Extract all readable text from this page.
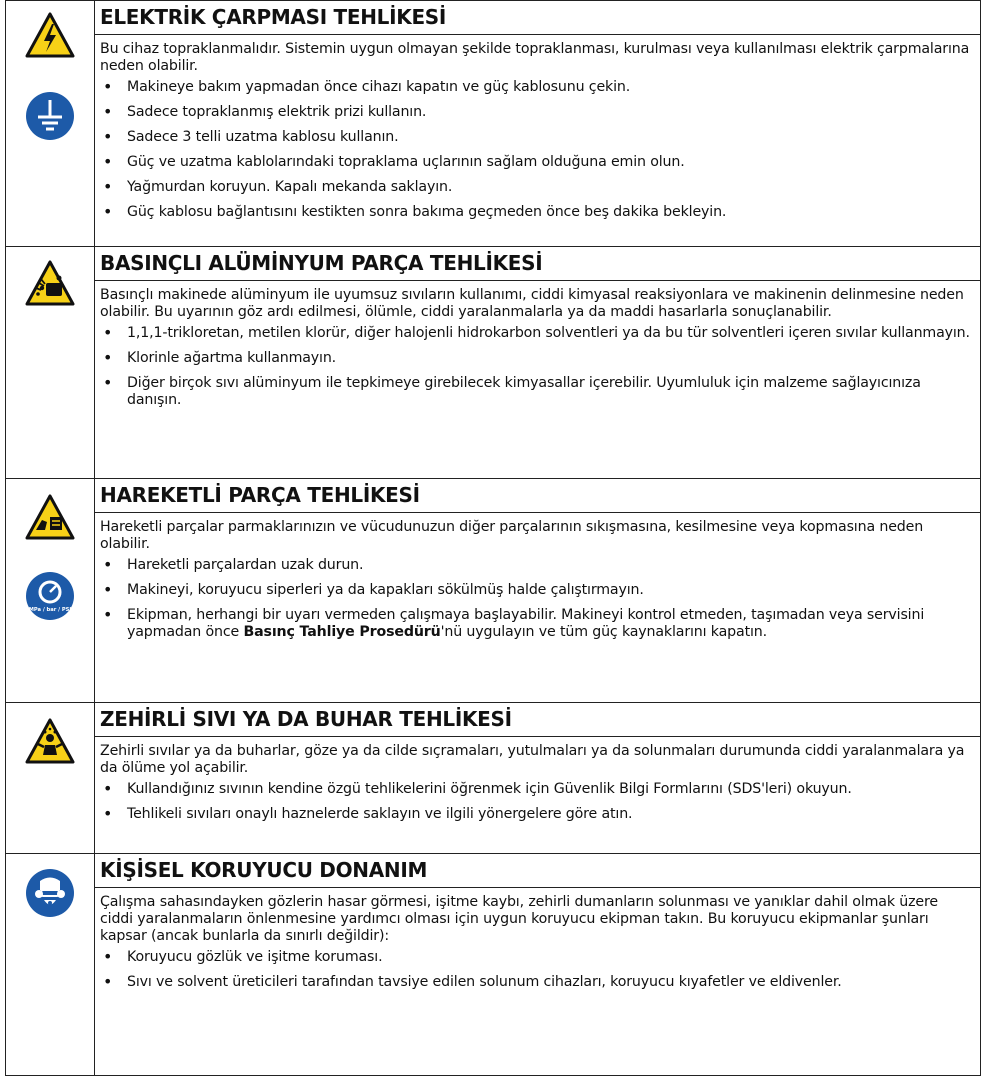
ELEKTRİK ÇARPMASI TEHLİKESİ

Bu cihaz topraklanmalıdır. Sistemin uygun olmayan şekilde topraklanması, kurulması veya kullanılması elektrik çarpmalarına neden olabilir.

• Makineye bakım yapmadan önce cihazı kapatın ve güç kablosunu çekin.
• Sadece topraklanmış elektrik prizi kullanın.
• Sadece 3 telli uzatma kablosu kullanın.
• Güç ve uzatma kablolarındaki topraklama uçlarının sağlam olduğuna emin olun.
• Yağmurdan koruyun. Kapalı mekanda saklayın.
• Güç kablosu bağlantısını kestikten sonra bakıma geçmeden önce beş dakika bekleyin.
BASINÇLI ALÜMİNYUM PARÇA TEHLİKESİ

Basınçlı makinede alüminyum ile uyumsuz sıvıların kullanımı, ciddi kimyasal reaksiyonlara ve makinenin delinmesine neden olabilir. Bu uyarının göz ardı edilmesi, ölümle, ciddi yaralanmalarla ya da maddi hasarlarla sonuçlanabilir.

• 1,1,1-trikloretan, metilen klorür, diğer halojenli hidrokarbon solventleri ya da bu tür solventleri içeren sıvılar kullanmayın.
• Klorinle ağartma kullanmayın.
• Diğer birçok sıvı alüminyum ile tepkimeye girebilecek kimyasallar içerebilir. Uyumluluk için malzeme sağlayıcınıza danışın.
MPa / bar / PSI
HAREKETLİ PARÇA TEHLİKESİ

Hareketli parçalar parmaklarınızın ve vücudunuzun diğer parçalarının sıkışmasına, kesilmesine veya kopmasına neden olabilir.

• Hareketli parçalardan uzak durun.
• Makineyi, koruyucu siperleri ya da kapakları sökülmüş halde çalıştırmayın.
• Ekipman, herhangi bir uyarı vermeden çalışmaya başlayabilir. Makineyi kontrol etmeden, taşımadan veya servisini yapmadan önce Basınç Tahliye Prosedürü'nü uygulayın ve tüm güç kaynaklarını kapatın.
ZEHİRLİ SIVI YA DA BUHAR TEHLİKESİ

Zehirli sıvılar ya da buharlar, göze ya da cilde sıçramaları, yutulmaları ya da solunmaları durumunda ciddi yaralanmalara ya da ölüme yol açabilir.

• Kullandığınız sıvının kendine özgü tehlikelerini öğrenmek için Güvenlik Bilgi Formlarını (SDS'leri) okuyun.
• Tehlikeli sıvıları onaylı haznelerde saklayın ve ilgili yönergelere göre atın.
KİŞİSEL KORUYUCU DONANIM

Çalışma sahasındayken gözlerin hasar görmesi, işitme kaybı, zehirli dumanların solunması ve yanıklar dahil olmak üzere ciddi yaralanmaların önlenmesine yardımcı olması için uygun koruyucu ekipman takın. Bu koruyucu ekipmanlar şunları kapsar (ancak bunlarla da sınırlı değildir):

• Koruyucu gözlük ve işitme koruması.
• Sıvı ve solvent üreticileri tarafından tavsiye edilen solunum cihazları, koruyucu kıyafetler ve eldivenler.
